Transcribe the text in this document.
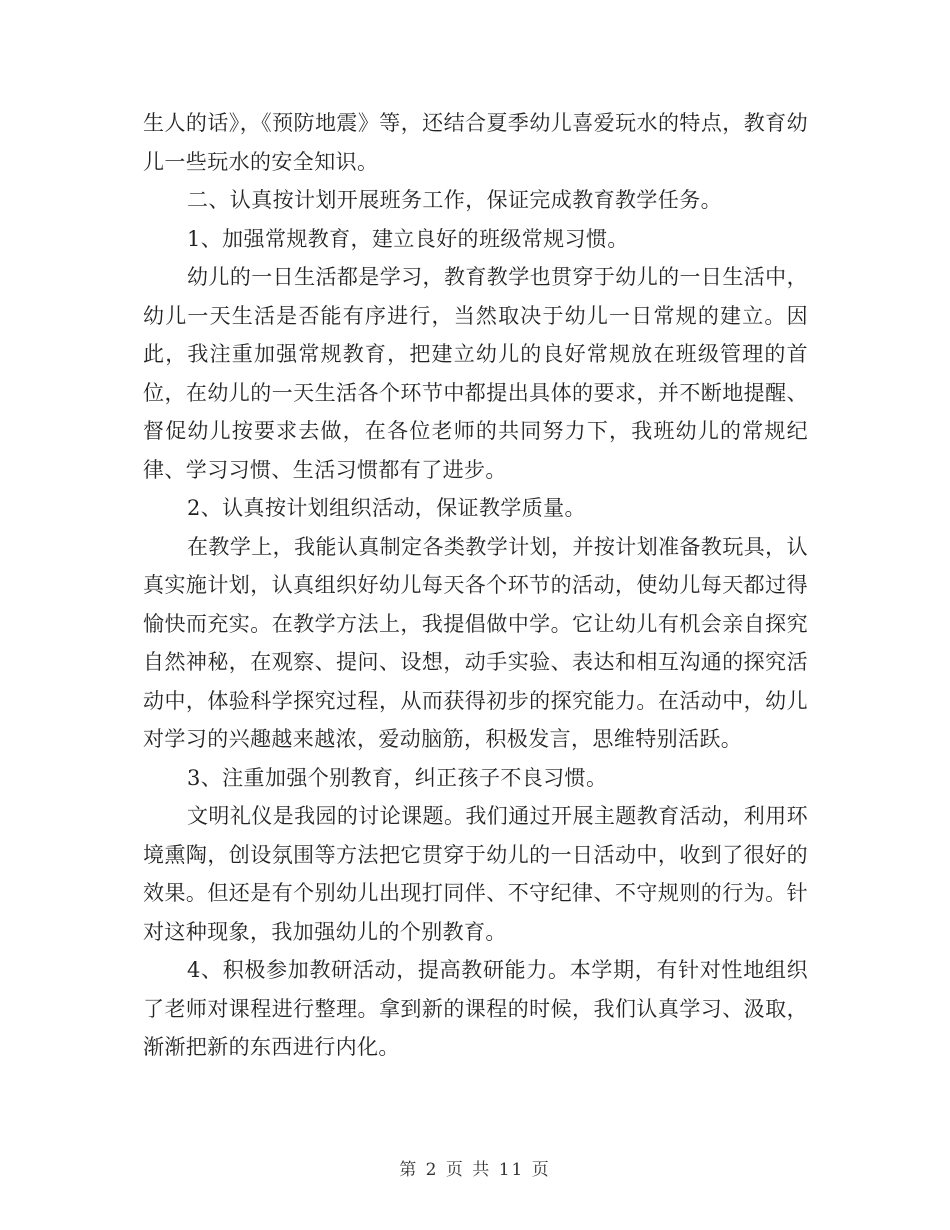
生人的话》，《预防地震》等，还结合夏季幼儿喜爱玩水的特点，教育幼儿一些玩水的安全知识。

二、认真按计划开展班务工作，保证完成教育教学任务。

1、加强常规教育，建立良好的班级常规习惯。

幼儿的一日生活都是学习，教育教学也贯穿于幼儿的一日生活中，幼儿一天生活是否能有序进行，当然取决于幼儿一日常规的建立。因此，我注重加强常规教育，把建立幼儿的良好常规放在班级管理的首位，在幼儿的一天生活各个环节中都提出具体的要求，并不断地提醒、督促幼儿按要求去做，在各位老师的共同努力下，我班幼儿的常规纪律、学习习惯、生活习惯都有了进步。

2、认真按计划组织活动，保证教学质量。

在教学上，我能认真制定各类教学计划，并按计划准备教玩具，认真实施计划，认真组织好幼儿每天各个环节的活动，使幼儿每天都过得愉快而充实。在教学方法上，我提倡做中学。它让幼儿有机会亲自探究自然神秘，在观察、提问、设想，动手实验、表达和相互沟通的探究活动中，体验科学探究过程，从而获得初步的探究能力。在活动中，幼儿对学习的兴趣越来越浓，爱动脑筋，积极发言，思维特别活跃。

3、注重加强个别教育，纠正孩子不良习惯。

文明礼仪是我园的讨论课题。我们通过开展主题教育活动，利用环境熏陶，创设氛围等方法把它贯穿于幼儿的一日活动中，收到了很好的效果。但还是有个别幼儿出现打同伴、不守纪律、不守规则的行为。针对这种现象，我加强幼儿的个别教育。

4、积极参加教研活动，提高教研能力。本学期，有针对性地组织了老师对课程进行整理。拿到新的课程的时候，我们认真学习、汲取，渐渐把新的东西进行内化。

第 2 页 共 11 页
